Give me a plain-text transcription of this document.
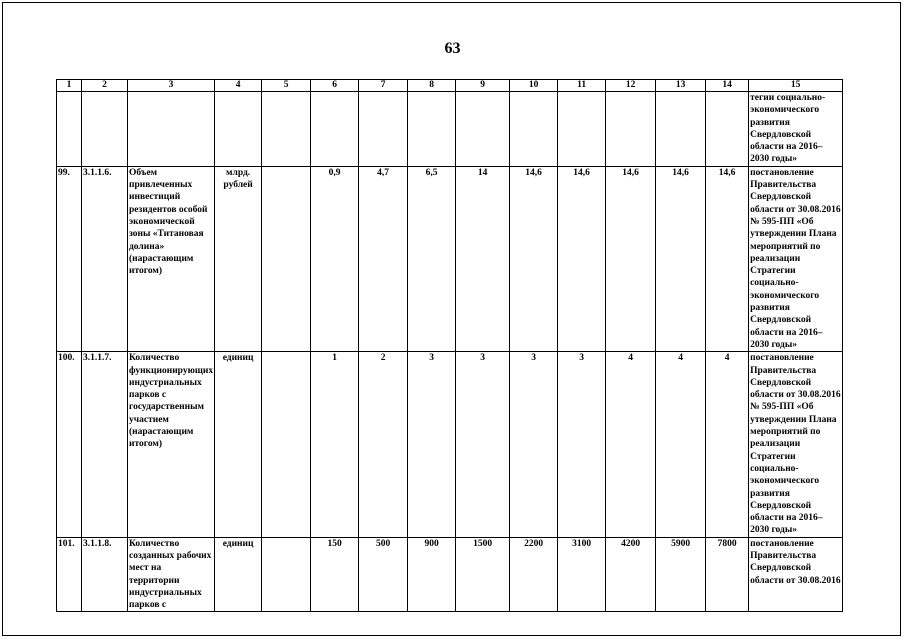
63
1	2	3	4	5	6	7	8	9	10	11	12	13	14	15
														тегии социально-экономического развития Свердловской области на 2016–2030 годы»
99.	3.1.1.6.	Объем привлеченных инвестиций резидентов особой экономической зоны «Титановая долина» (нарастающим итогом)	млрд. рублей		0,9	4,7	6,5	14	14,6	14,6	14,6	14,6	14,6	постановление Правительства Свердловской области от 30.08.2016 № 595-ПП «Об утверждении Плана мероприятий по реализации Стратегии социально-экономического развития Свердловской области на 2016–2030 годы»
100.	3.1.1.7.	Количество функционирующих индустриальных парков с государственным участием (нарастающим итогом)	единиц		1	2	3	3	3	3	4	4	4	постановление Правительства Свердловской области от 30.08.2016 № 595-ПП «Об утверждении Плана мероприятий по реализации Стратегии социально-экономического развития Свердловской области на 2016–2030 годы»
101.	3.1.1.8.	Количество созданных рабочих мест на территории индустриальных парков с	единиц		150	500	900	1500	2200	3100	4200	5900	7800	постановление Правительства Свердловской области от 30.08.2016
